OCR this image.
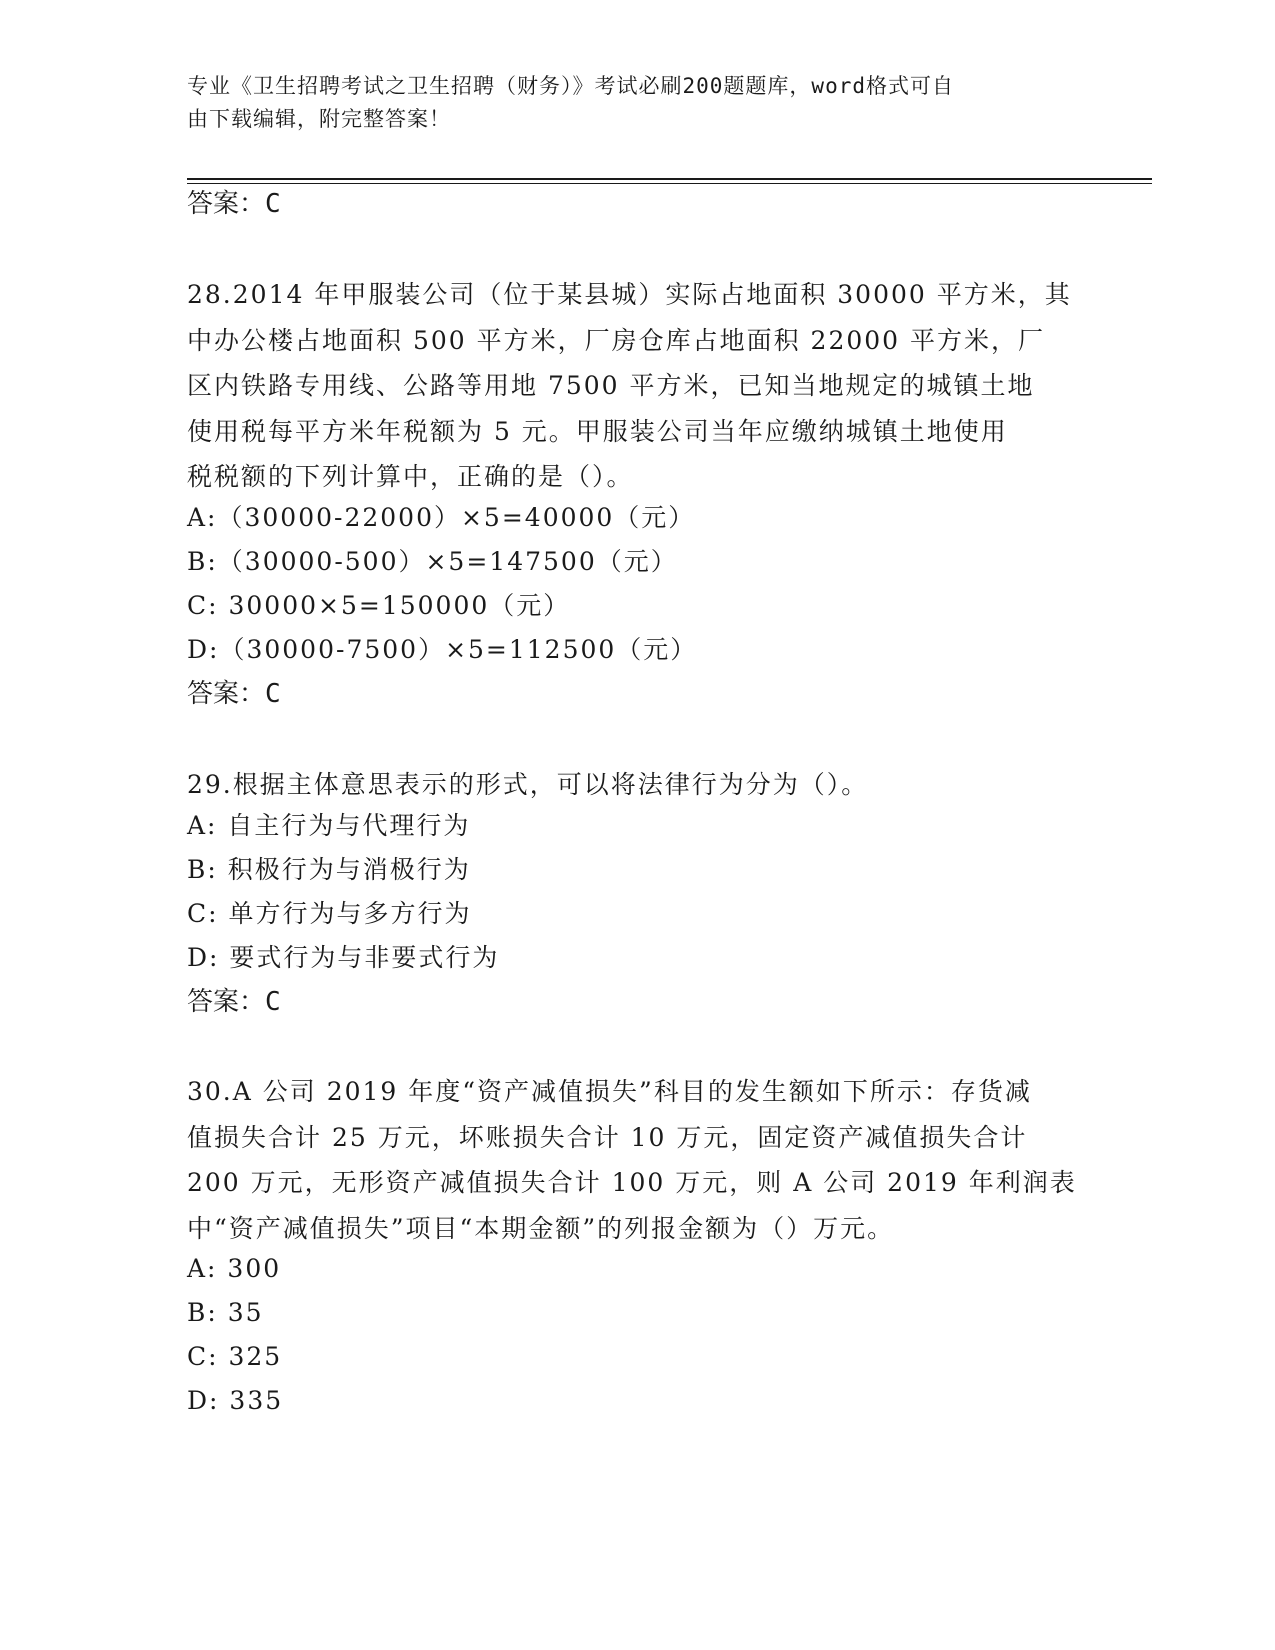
专业《卫生招聘考试之卫生招聘（财务）》考试必刷200题题库，word格式可自
由下载编辑，附完整答案！
答案：C
28.2014 年甲服装公司（位于某县城）实际占地面积 30000 平方米，其
中办公楼占地面积 500 平方米，厂房仓库占地面积 22000 平方米，厂
区内铁路专用线、公路等用地 7500 平方米，已知当地规定的城镇土地
使用税每平方米年税额为 5 元。甲服装公司当年应缴纳城镇土地使用
税税额的下列计算中，正确的是（）。
A:（30000-22000）×5=40000（元）
B:（30000-500）×5=147500（元）
C: 30000×5=150000（元）
D:（30000-7500）×5=112500（元）
答案：C
29.根据主体意思表示的形式，可以将法律行为分为（）。
A: 自主行为与代理行为
B: 积极行为与消极行为
C: 单方行为与多方行为
D: 要式行为与非要式行为
答案：C
30.A 公司 2019 年度“资产减值损失”科目的发生额如下所示：存货减
值损失合计 25 万元，坏账损失合计 10 万元，固定资产减值损失合计
200 万元，无形资产减值损失合计 100 万元，则 A 公司 2019 年利润表
中“资产减值损失”项目“本期金额”的列报金额为（）万元。
A: 300
B: 35
C: 325
D: 335
